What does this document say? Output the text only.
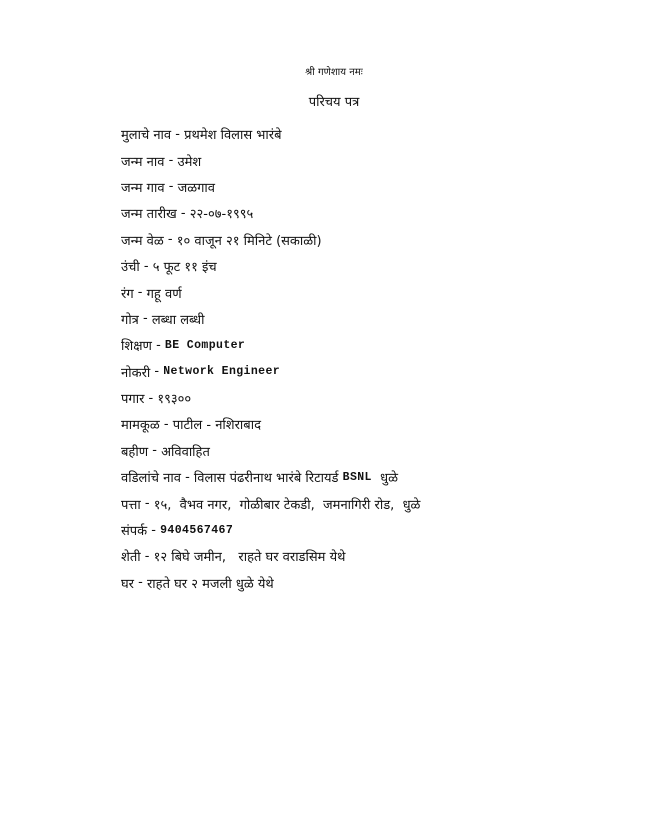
श्री गणेशाय नमः
परिचय पत्र
मुलाचे नाव - प्रथमेश विलास भारंबे
जन्म नाव - उमेश
जन्म गाव - जळगाव
जन्म तारीख - २२-०७-१९९५
जन्म वेळ - १० वाजून २१ मिनिटे (सकाळी)
उंची - ५ फूट ११ इंच
रंग - गहू वर्ण
गोत्र - लब्धा लब्धी
शिक्षण - BE Computer
नोकरी - Network Engineer
पगार - १९३००
मामकूळ - पाटील - नशिराबाद
बहीण - अविवाहित
वडिलांचे नाव - विलास पंढरीनाथ भारंबे रिटायर्ड
BSNL
धुळे
पत्ता - १५,  वैभव नगर,  गोळीबार टेकडी,  जमनागिरी रोड,  धुळे
संपर्क - 9404567467
शेती - १२ बिघे जमीन,   राहते घर वराडसिम येथे
घर - राहते घर २ मजली धुळे येथे
